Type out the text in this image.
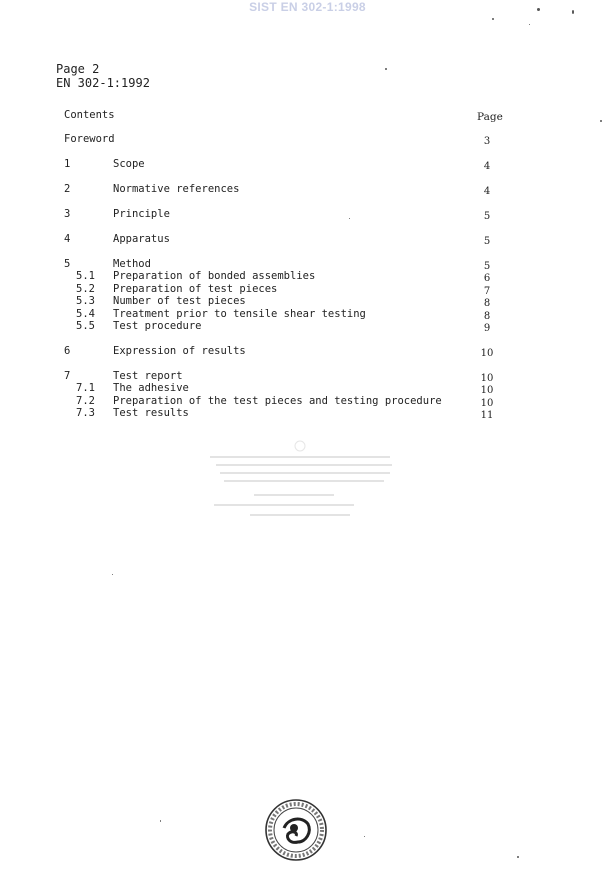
SIST EN 302-1:1998
Page 2
EN 302-1:1992
Contents	Page
Foreword	3
1	Scope	4
2	Normative references	4
3	Principle	5
4	Apparatus	5
5	Method	5
5.1 Preparation of bonded assemblies	6
5.2 Preparation of test pieces	7
5.3 Number of test pieces	8
5.4 Treatment prior to tensile shear testing	8
5.5 Test procedure	9
6	Expression of results	10
7	Test report	10
7.1 The adhesive	10
7.2 Preparation of the test pieces and testing procedure	10
7.3 Test results	11
